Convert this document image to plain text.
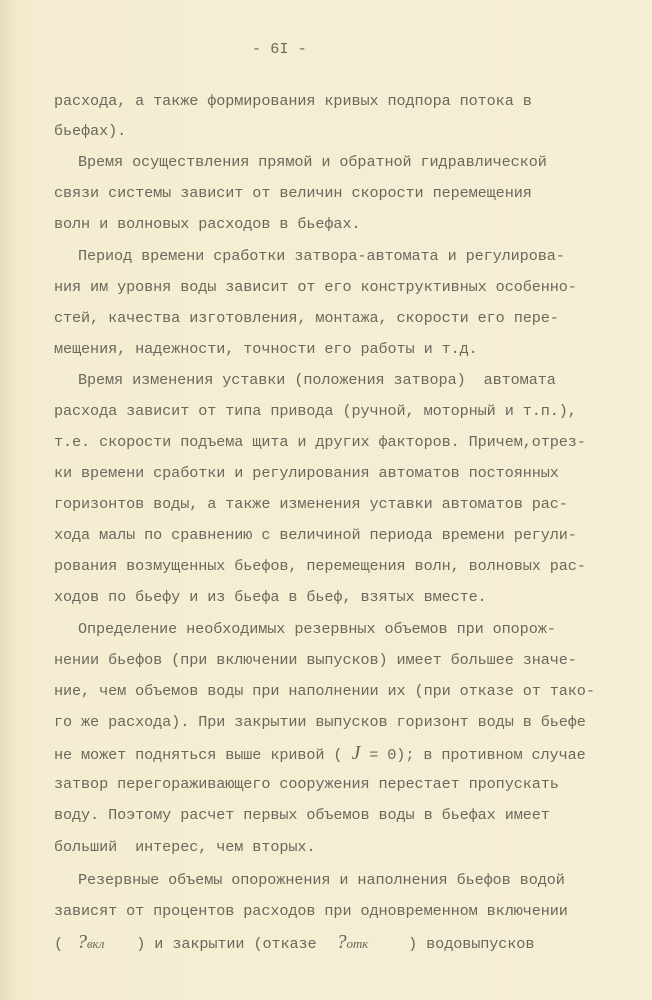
- 6I -
расхода, а также формирования кривых подпора потока в
бьефах).
Время осуществления прямой и обратной гидравлической
связи системы зависит от величин скорости перемещения
волн и волновых расходов в бьефах.
Период времени сработки затвора-автомата и регулирова-
ния им уровня воды зависит от его конструктивных особенно-
стей, качества изготовления, монтажа, скорости его пере-
мещения, надежности, точности его работы и т.д.
Время изменения уставки (положения затвора)  автомата
расхода зависит от типа привода (ручной, моторный и т.п.),
т.е. скорости подъема щита и других факторов. Причем,отрез-
ки времени сработки и регулирования автоматов постоянных
горизонтов воды, а также изменения уставки автоматов рас-
хода малы по сравнению с величиной периода времени регули-
рования возмущенных бьефов, перемещения волн, волновых рас-
ходов по бьефу и из бьефа в бьеф, взятых вместе.
Определение необходимых резервных объемов при опорож-
нении бьефов (при включении выпусков) имеет большее значе-
ние, чем объемов воды при наполнении их (при отказе от тако-
го же расхода). При закрытии выпусков горизонт воды в бьефе
не может подняться выше кривой ( J = 0); в противном случае
затвор перегораживающего сооружения перестает пропускать
воду. Поэтому расчет первых объемов воды в бьефах имеет
больший  интерес, чем вторых.
Резервные объемы опорожнения и наполнения бьефов водой
зависят от процентов расходов при одновременном включении
( ?вкл ) и закрытии (отказе ?отк	) водовыпусков
